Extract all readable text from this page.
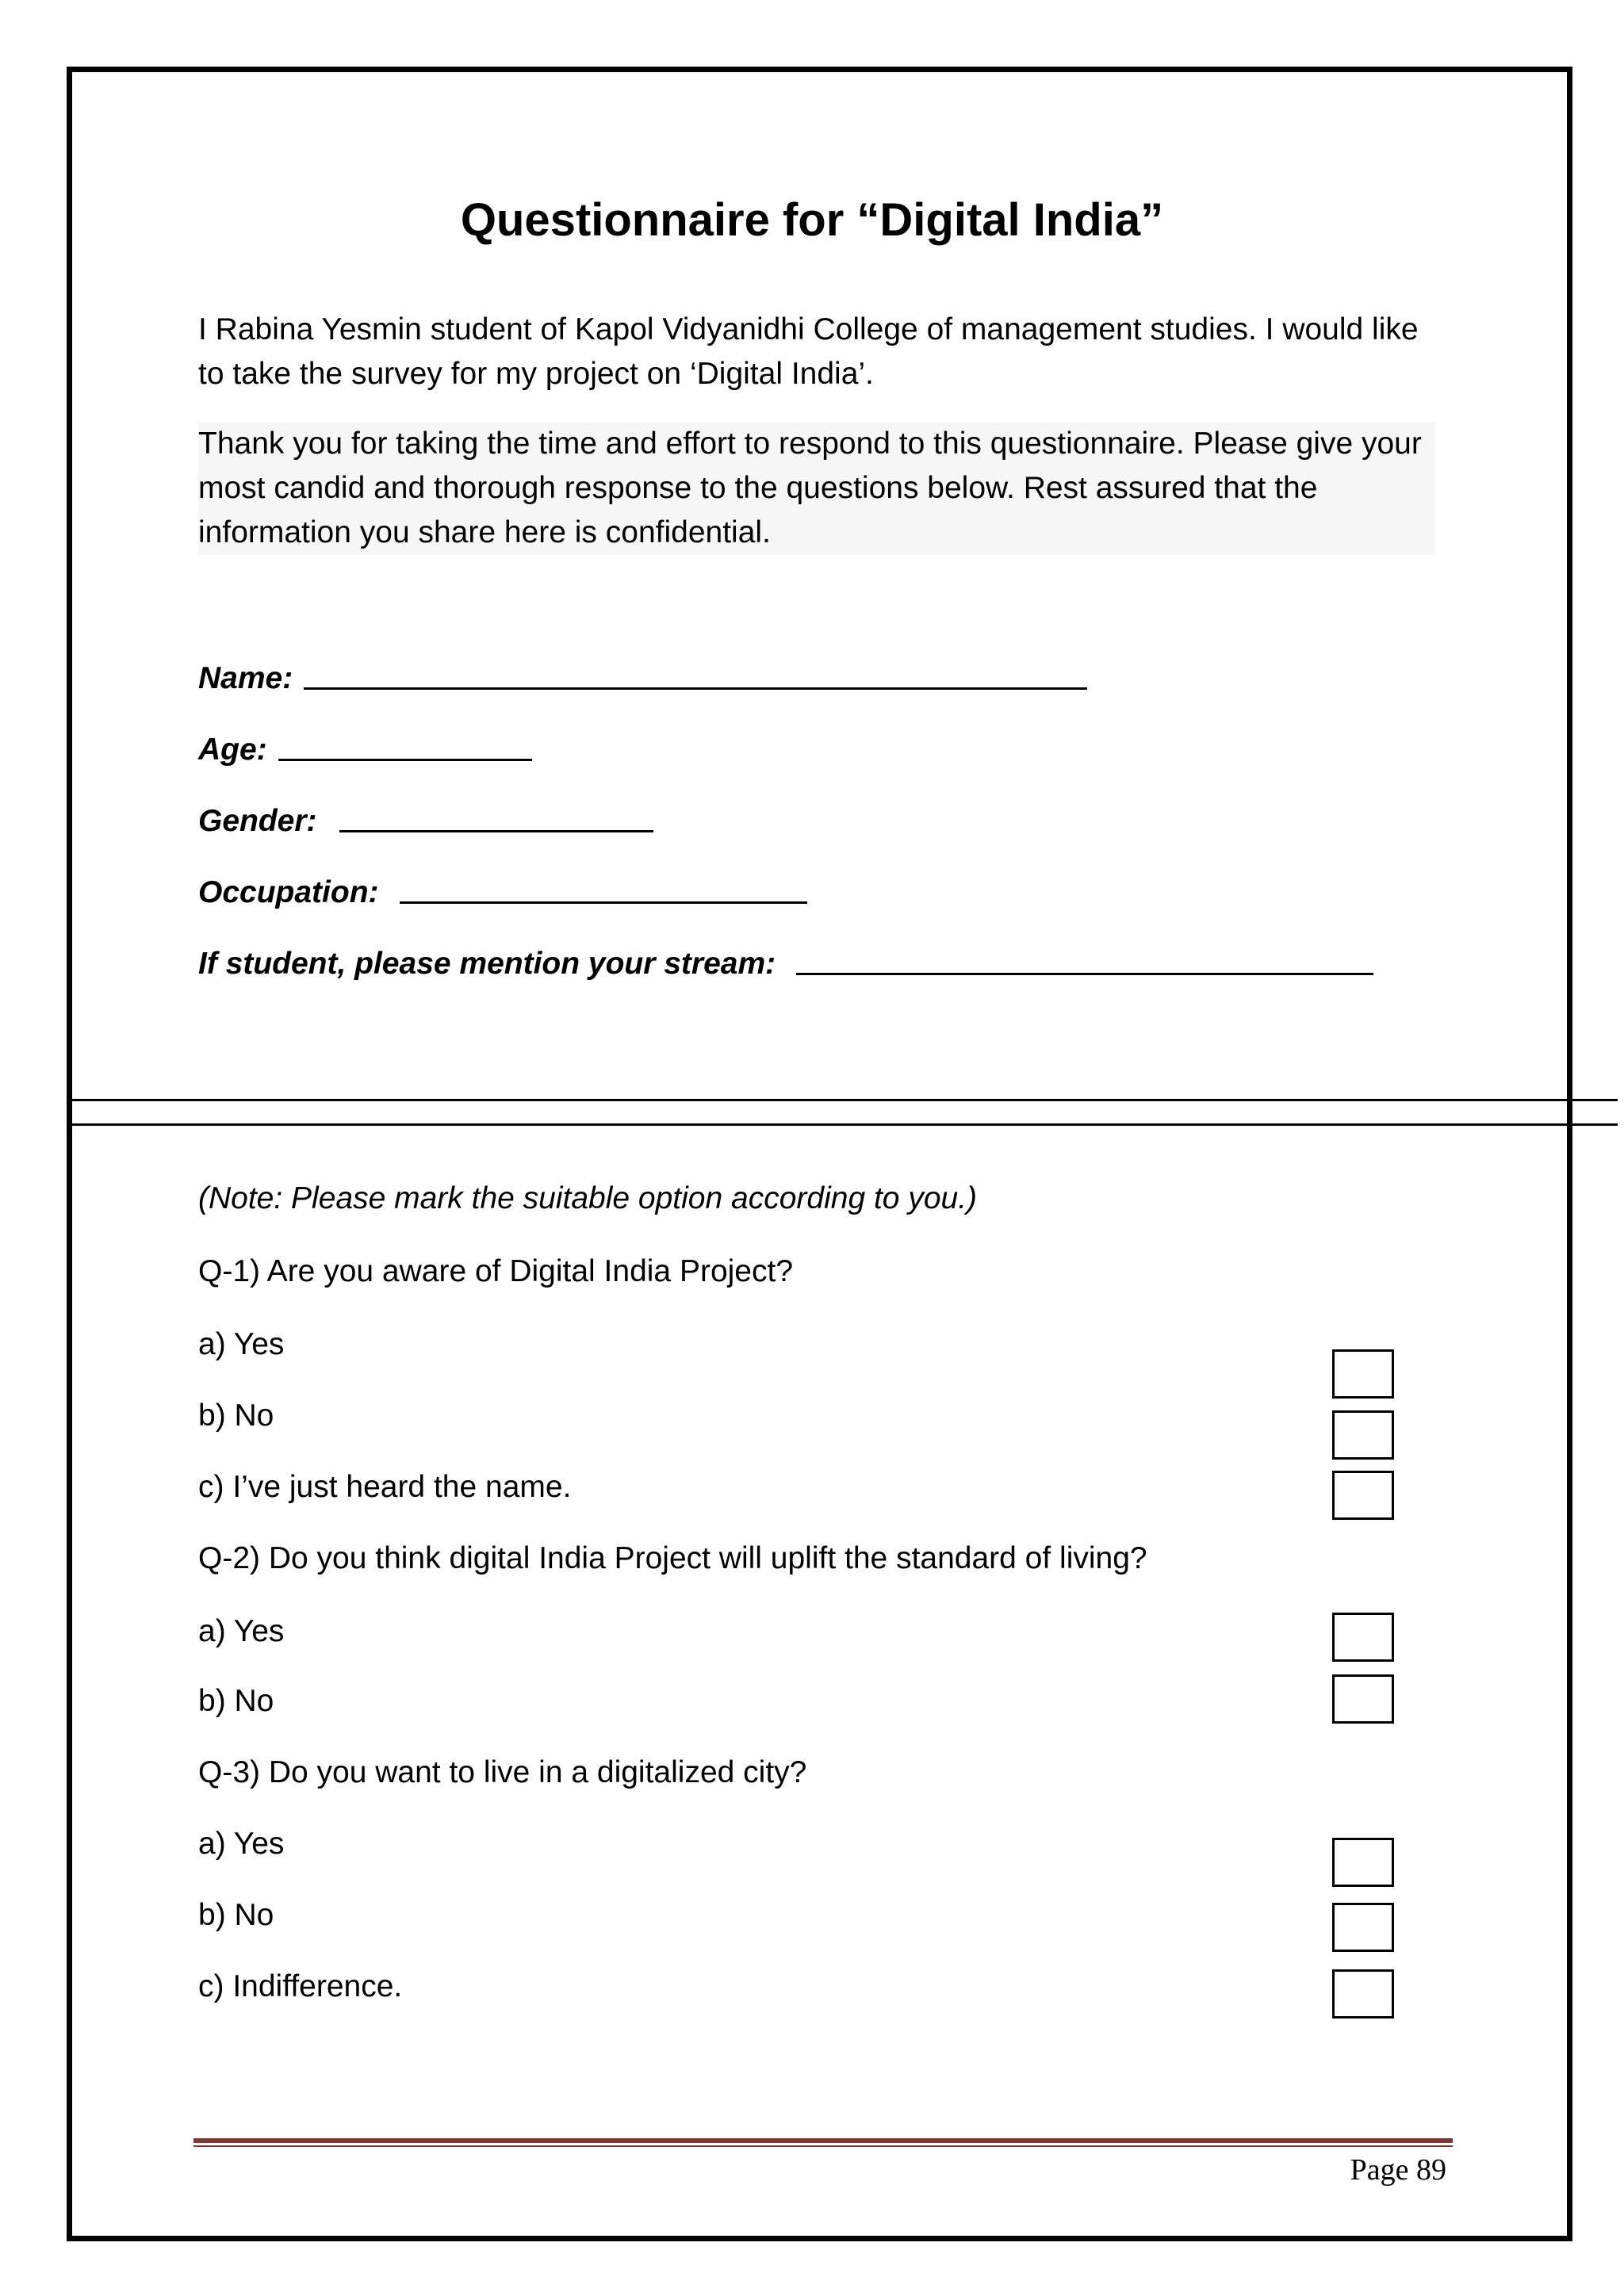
Questionnaire for “Digital India”

I Rabina Yesmin student of Kapol Vidyanidhi College of management studies. I would like to take the survey for my project on ‘Digital India’.

Thank you for taking the time and effort to respond to this questionnaire. Please give your most candid and thorough response to the questions below. Rest assured that the information you share here is confidential.

Name:
Age:
Gender:
Occupation:
If student, please mention your stream:

(Note: Please mark the suitable option according to you.)

Q-1) Are you aware of Digital India Project?

a) Yes

b) No

c) I’ve just heard the name.

Q-2) Do you think digital India Project will uplift the standard of living?

a) Yes

b) No

Q-3) Do you want to live in a digitalized city?

a) Yes

b) No

c) Indifference.

Page 89
